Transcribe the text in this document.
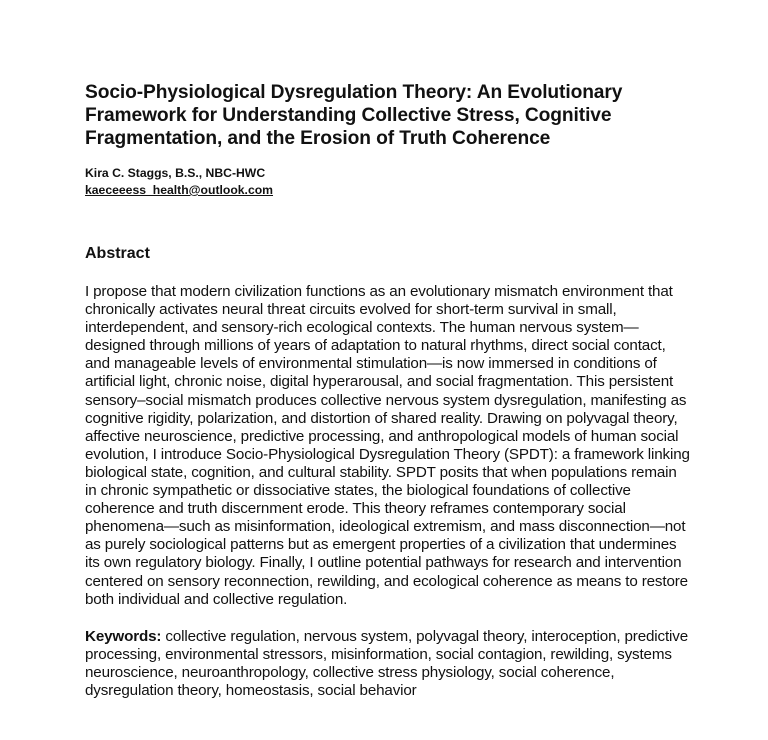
Socio-Physiological Dysregulation Theory: An Evolutionary Framework for Understanding Collective Stress, Cognitive Fragmentation, and the Erosion of Truth Coherence
Kira C. Staggs, B.S., NBC-HWC
kaeceeess_health@outlook.com
Abstract

I propose that modern civilization functions as an evolutionary mismatch environment that chronically activates neural threat circuits evolved for short-term survival in small, interdependent, and sensory-rich ecological contexts. The human nervous system—designed through millions of years of adaptation to natural rhythms, direct social contact, and manageable levels of environmental stimulation—is now immersed in conditions of artificial light, chronic noise, digital hyperarousal, and social fragmentation. This persistent sensory–social mismatch produces collective nervous system dysregulation, manifesting as cognitive rigidity, polarization, and distortion of shared reality. Drawing on polyvagal theory, affective neuroscience, predictive processing, and anthropological models of human social evolution, I introduce Socio-Physiological Dysregulation Theory (SPDT): a framework linking biological state, cognition, and cultural stability. SPDT posits that when populations remain in chronic sympathetic or dissociative states, the biological foundations of collective coherence and truth discernment erode. This theory reframes contemporary social phenomena—such as misinformation, ideological extremism, and mass disconnection—not as purely sociological patterns but as emergent properties of a civilization that undermines its own regulatory biology. Finally, I outline potential pathways for research and intervention centered on sensory reconnection, rewilding, and ecological coherence as means to restore both individual and collective regulation.

Keywords: collective regulation, nervous system, polyvagal theory, interoception, predictive processing, environmental stressors, misinformation, social contagion, rewilding, systems neuroscience, neuroanthropology, collective stress physiology, social coherence, dysregulation theory, homeostasis, social behavior
